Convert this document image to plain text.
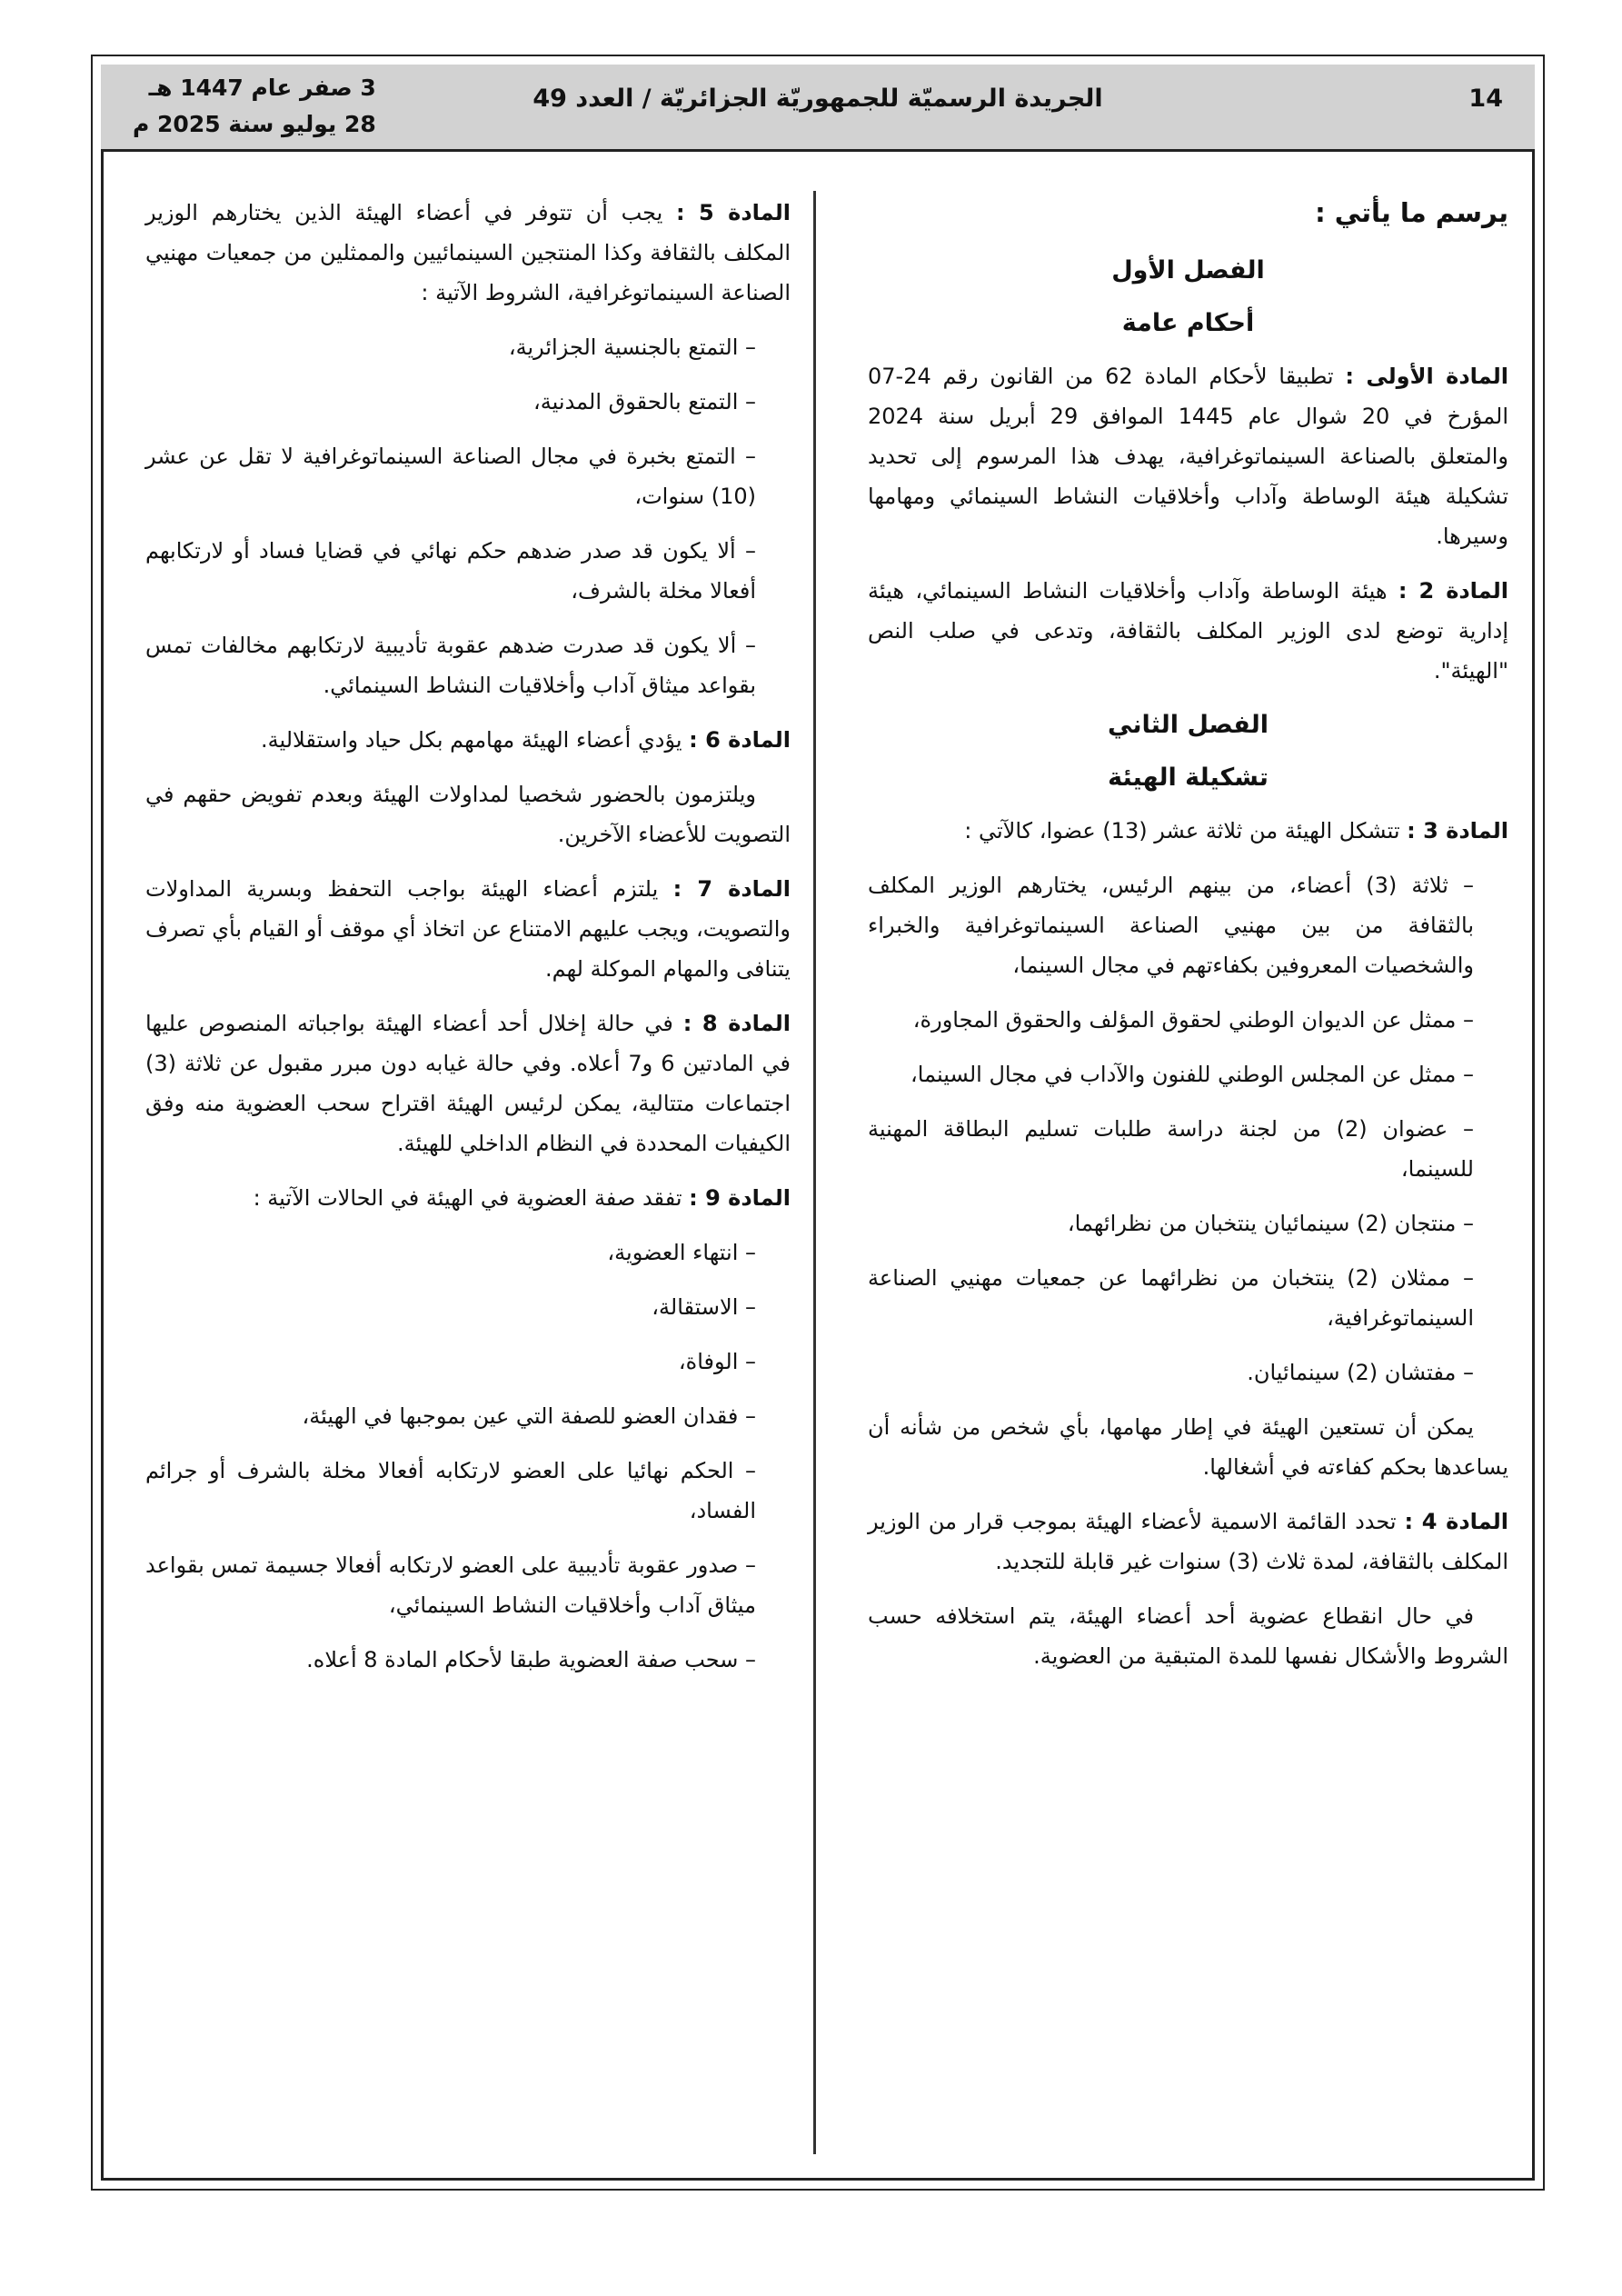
14
الجريدة الرسميّة للجمهوريّة الجزائريّة / العدد 49
3 صفر عام 1447 هـ
28 يوليو سنة 2025 م

يرسم ما يأتي :

الفصل الأول

أحكام عامة

المادة الأولى : تطبيقا لأحكام المادة 62 من القانون رقم 24-07 المؤرخ في 20 شوال عام 1445 الموافق 29 أبريل سنة 2024 والمتعلق بالصناعة السينماتوغرافية، يهدف هذا المرسوم إلى تحديد تشكيلة هيئة الوساطة وآداب وأخلاقيات النشاط السينمائي ومهامها وسيرها.

المادة 2 : هيئة الوساطة وآداب وأخلاقيات النشاط السينمائي، هيئة إدارية توضع لدى الوزير المكلف بالثقافة، وتدعى في صلب النص "الهيئة".

الفصل الثاني

تشكيلة الهيئة

المادة 3 : تتشكل الهيئة من ثلاثة عشر (13) عضوا، كالآتي :

– ثلاثة (3) أعضاء، من بينهم الرئيس، يختارهم الوزير المكلف بالثقافة من بين مهنيي الصناعة السينماتوغرافية والخبراء والشخصيات المعروفين بكفاءتهم في مجال السينما،

– ممثل عن الديوان الوطني لحقوق المؤلف والحقوق المجاورة،

– ممثل عن المجلس الوطني للفنون والآداب في مجال السينما،

– عضوان (2) من لجنة دراسة طلبات تسليم البطاقة المهنية للسينما،

– منتجان (2) سينمائيان ينتخبان من نظرائهما،

– ممثلان (2) ينتخبان من نظرائهما عن جمعيات مهنيي الصناعة السينماتوغرافية،

– مفتشان (2) سينمائيان.

يمكن أن تستعين الهيئة في إطار مهامها، بأي شخص من شأنه أن يساعدها بحكم كفاءته في أشغالها.

المادة 4 : تحدد القائمة الاسمية لأعضاء الهيئة بموجب قرار من الوزير المكلف بالثقافة، لمدة ثلاث (3) سنوات غير قابلة للتجديد.

في حال انقطاع عضوية أحد أعضاء الهيئة، يتم استخلافه حسب الشروط والأشكال نفسها للمدة المتبقية من العضوية.

المادة 5 : يجب أن تتوفر في أعضاء الهيئة الذين يختارهم الوزير المكلف بالثقافة وكذا المنتجين السينمائيين والممثلين من جمعيات مهنيي الصناعة السينماتوغرافية، الشروط الآتية :

– التمتع بالجنسية الجزائرية،

– التمتع بالحقوق المدنية،

– التمتع بخبرة في مجال الصناعة السينماتوغرافية لا تقل عن عشر (10) سنوات،

– ألا يكون قد صدر ضدهم حكم نهائي في قضايا فساد أو لارتكابهم أفعالا مخلة بالشرف،

– ألا يكون قد صدرت ضدهم عقوبة تأديبية لارتكابهم مخالفات تمس بقواعد ميثاق آداب وأخلاقيات النشاط السينمائي.

المادة 6 : يؤدي أعضاء الهيئة مهامهم بكل حياد واستقلالية.

ويلتزمون بالحضور شخصيا لمداولات الهيئة وبعدم تفويض حقهم في التصويت للأعضاء الآخرين.

المادة 7 : يلتزم أعضاء الهيئة بواجب التحفظ وبسرية المداولات والتصويت، ويجب عليهم الامتناع عن اتخاذ أي موقف أو القيام بأي تصرف يتنافى والمهام الموكلة لهم.

المادة 8 : في حالة إخلال أحد أعضاء الهيئة بواجباته المنصوص عليها في المادتين 6 و7 أعلاه. وفي حالة غيابه دون مبرر مقبول عن ثلاثة (3) اجتماعات متتالية، يمكن لرئيس الهيئة اقتراح سحب العضوية منه وفق الكيفيات المحددة في النظام الداخلي للهيئة.

المادة 9 : تفقد صفة العضوية في الهيئة في الحالات الآتية :

– انتهاء العضوية،

– الاستقالة،

– الوفاة،

– فقدان العضو للصفة التي عين بموجبها في الهيئة،

– الحكم نهائيا على العضو لارتكابه أفعالا مخلة بالشرف أو جرائم الفساد،

– صدور عقوبة تأديبية على العضو لارتكابه أفعالا جسيمة تمس بقواعد ميثاق آداب وأخلاقيات النشاط السينمائي،

– سحب صفة العضوية طبقا لأحكام المادة 8 أعلاه.
